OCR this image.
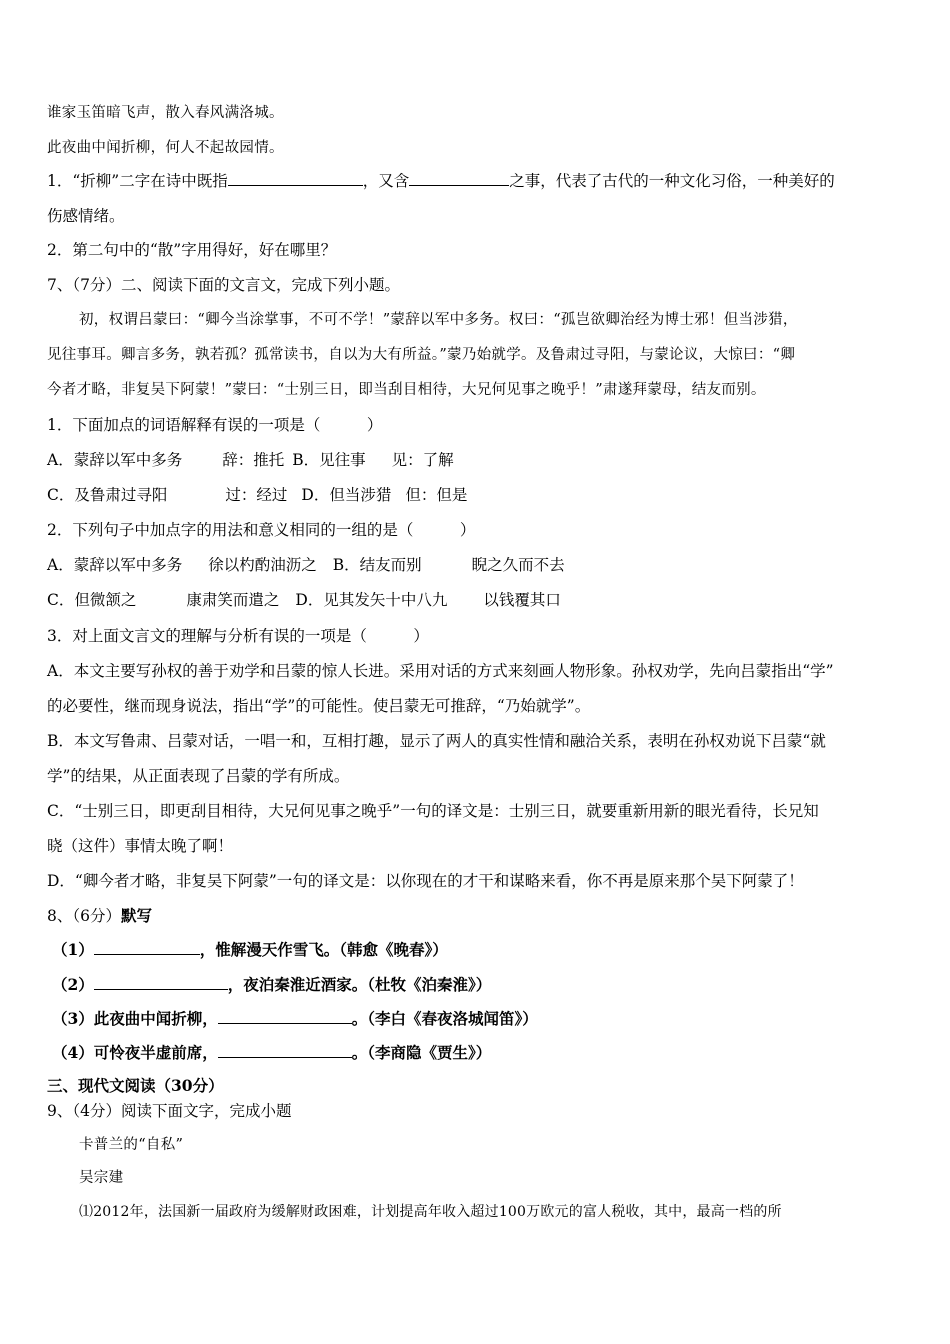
谁家玉笛暗飞声，散入春风满洛城。
此夜曲中闻折柳，何人不起故园情。
1．“折柳”二字在诗中既指	，又含	之事，代表了古代的一种文化习俗，一种美好的
伤感情绪。
2．第二句中的“散”字用得好，好在哪里？
7、（7分）二、阅读下面的文言文，完成下列小题。
初，权谓吕蒙曰：“卿今当涂掌事，不可不学！”蒙辞以军中多务。权曰：“孤岂欲卿治经为博士邪！但当涉猎，
见往事耳。卿言多务，孰若孤？孤常读书，自以为大有所益。”蒙乃始就学。及鲁肃过寻阳，与蒙论议，大惊曰：“卿
今者才略，非复吴下阿蒙！”蒙曰：“士别三日，即当刮目相待，大兄何见事之晚乎！”肃遂拜蒙母，结友而别。
1．下面加点的词语解释有误的一项是（　　　）
A．蒙辞以军中多务	辞：推托 B．见往事 见：了解
C．及鲁肃过寻阳	过：经过 D．但当涉猎 但：但是
2．下列句子中加点字的用法和意义相同的一组的是（　　　）
A．蒙辞以军中多务 徐以杓酌油沥之 B．结友而别	睨之久而不去
C．但微颔之	康肃笑而遣之 D．见其发矢十中八九 以钱覆其口
3．对上面文言文的理解与分析有误的一项是（　　　）
A．本文主要写孙权的善于劝学和吕蒙的惊人长进。采用对话的方式来刻画人物形象。孙权劝学，先向吕蒙指出“学”
的必要性，继而现身说法，指出“学”的可能性。使吕蒙无可推辞，“乃始就学”。
B．本文写鲁肃、吕蒙对话，一唱一和，互相打趣，显示了两人的真实性情和融洽关系，表明在孙权劝说下吕蒙“就
学”的结果，从正面表现了吕蒙的学有所成。
C．“士别三日，即更刮目相待，大兄何见事之晚乎”一句的译文是：士别三日，就要重新用新的眼光看待，长兄知
晓（这件）事情太晚了啊！
D．“卿今者才略，非复吴下阿蒙”一句的译文是：以你现在的才干和谋略来看，你不再是原来那个吴下阿蒙了！
8、（6分）默写
（1）	，惟解漫天作雪飞。（韩愈《晚春》）
（2）	，夜泊秦淮近酒家。（杜牧《泊秦淮》）
（3）此夜曲中闻折柳，	。（李白《春夜洛城闻笛》）
（4）可怜夜半虚前席，	。（李商隐《贾生》）
三、现代文阅读（30分）
9、（4分）阅读下面文字，完成小题
卡普兰的“自私”
吴宗建
⑴2012年，法国新一届政府为缓解财政困难，计划提高年收入超过100万欧元的富人税收，其中，最高一档的所
